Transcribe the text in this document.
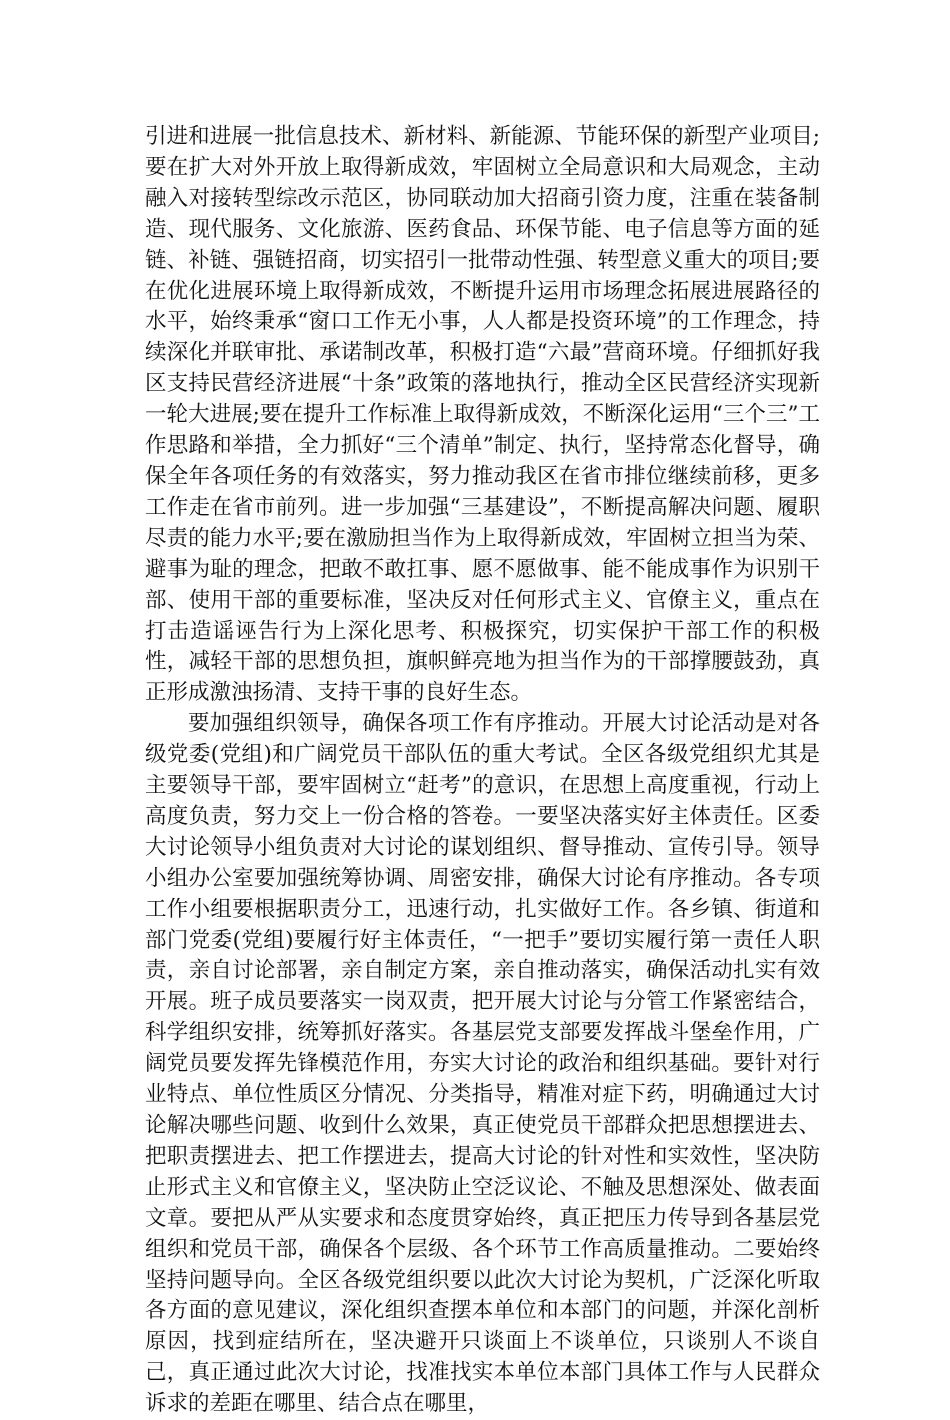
引进和进展一批信息技术、新材料、新能源、节能环保的新型产业项目;要在扩大对外开放上取得新成效，牢固树立全局意识和大局观念，主动融入对接转型综改示范区，协同联动加大招商引资力度，注重在装备制造、现代服务、文化旅游、医药食品、环保节能、电子信息等方面的延链、补链、强链招商，切实招引一批带动性强、转型意义重大的项目;要在优化进展环境上取得新成效，不断提升运用市场理念拓展进展路径的水平，始终秉承“窗口工作无小事，人人都是投资环境”的工作理念，持续深化并联审批、承诺制改革，积极打造“六最”营商环境。仔细抓好我区支持民营经济进展“十条”政策的落地执行，推动全区民营经济实现新一轮大进展;要在提升工作标准上取得新成效，不断深化运用“三个三”工作思路和举措，全力抓好“三个清单”制定、执行，坚持常态化督导，确保全年各项任务的有效落实，努力推动我区在省市排位继续前移，更多工作走在省市前列。进一步加强“三基建设”，不断提高解决问题、履职尽责的能力水平;要在激励担当作为上取得新成效，牢固树立担当为荣、避事为耻的理念，把敢不敢扛事、愿不愿做事、能不能成事作为识别干部、使用干部的重要标准，坚决反对任何形式主义、官僚主义，重点在打击造谣诬告行为上深化思考、积极探究，切实保护干部工作的积极性，减轻干部的思想负担，旗帜鲜亮地为担当作为的干部撑腰鼓劲，真正形成激浊扬清、支持干事的良好生态。

要加强组织领导，确保各项工作有序推动。开展大讨论活动是对各级党委(党组)和广阔党员干部队伍的重大考试。全区各级党组织尤其是主要领导干部，要牢固树立“赶考”的意识，在思想上高度重视，行动上高度负责，努力交上一份合格的答卷。一要坚决落实好主体责任。区委大讨论领导小组负责对大讨论的谋划组织、督导推动、宣传引导。领导小组办公室要加强统筹协调、周密安排，确保大讨论有序推动。各专项工作小组要根据职责分工，迅速行动，扎实做好工作。各乡镇、街道和部门党委(党组)要履行好主体责任，“一把手”要切实履行第一责任人职责，亲自讨论部署，亲自制定方案，亲自推动落实，确保活动扎实有效开展。班子成员要落实一岗双责，把开展大讨论与分管工作紧密结合，科学组织安排，统筹抓好落实。各基层党支部要发挥战斗堡垒作用，广阔党员要发挥先锋模范作用，夯实大讨论的政治和组织基础。要针对行业特点、单位性质区分情况、分类指导，精准对症下药，明确通过大讨论解决哪些问题、收到什么效果，真正使党员干部群众把思想摆进去、把职责摆进去、把工作摆进去，提高大讨论的针对性和实效性，坚决防止形式主义和官僚主义，坚决防止空泛议论、不触及思想深处、做表面文章。要把从严从实要求和态度贯穿始终，真正把压力传导到各基层党组织和党员干部，确保各个层级、各个环节工作高质量推动。二要始终坚持问题导向。全区各级党组织要以此次大讨论为契机，广泛深化听取各方面的意见建议，深化组织查摆本单位和本部门的问题，并深化剖析原因，找到症结所在，坚决避开只谈面上不谈单位，只谈别人不谈自己，真正通过此次大讨论，找准找实本单位本部门具体工作与人民群众诉求的差距在哪里、结合点在哪里，
